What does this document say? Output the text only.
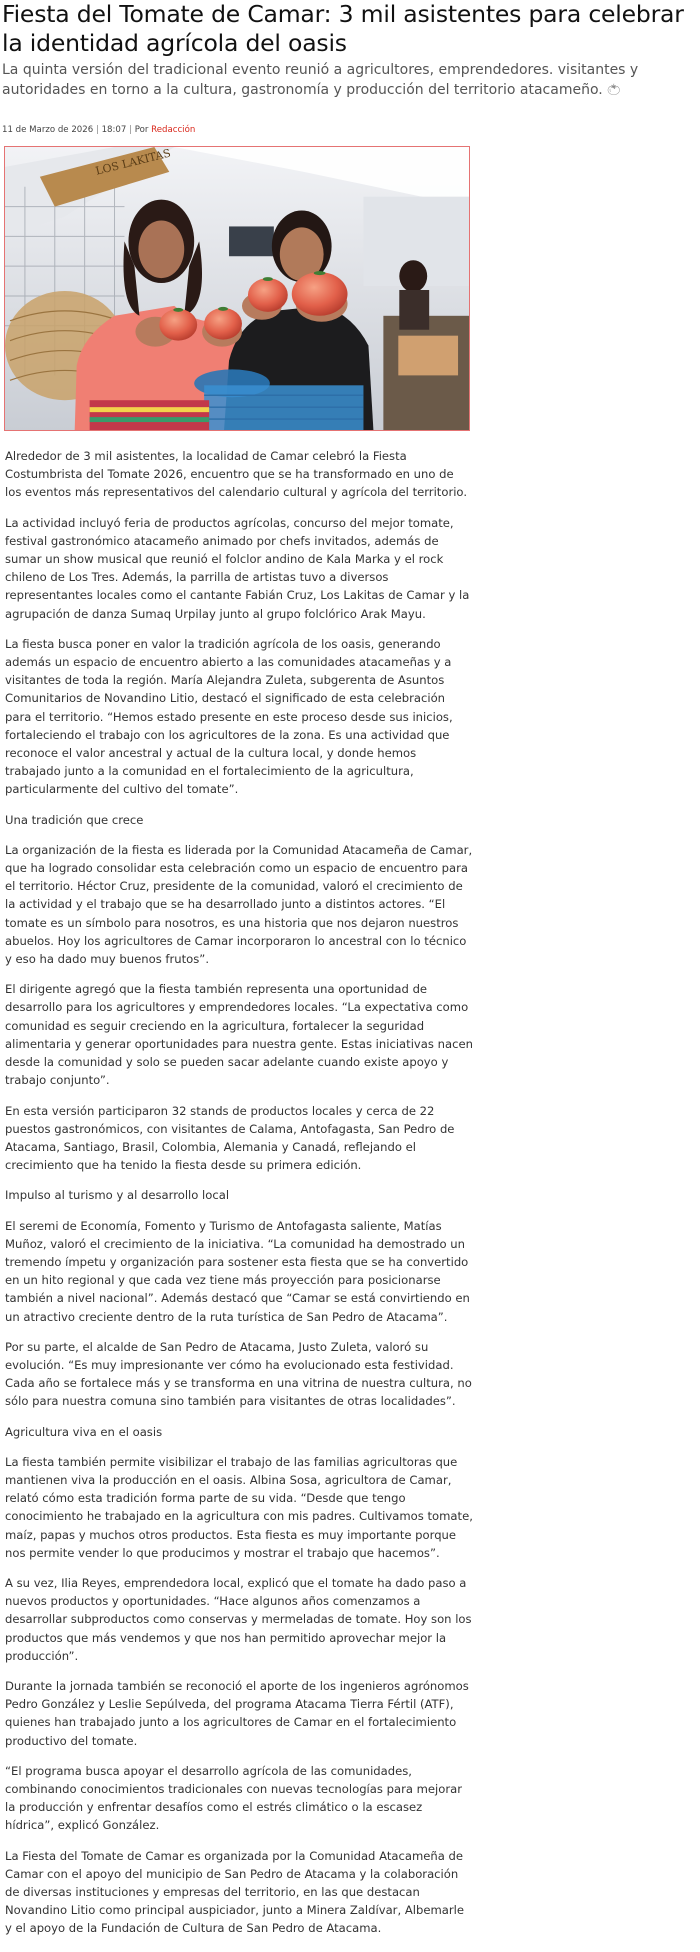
Fiesta del Tomate de Camar: 3 mil asistentes para celebrar la identidad agrícola del oasis

La quinta versión del tradicional evento reunió a agricultores, emprendedores. visitantes y autoridades en torno a la cultura, gastronomía y producción del territorio atacameño. 🍅︎

11 de Marzo de 2026 | 18:07 | Por Redacción
LOS LAKITAS

Alrededor de 3 mil asistentes, la localidad de Camar celebró la Fiesta Costumbrista del Tomate 2026, encuentro que se ha transformado en uno de los eventos más representativos del calendario cultural y agrícola del territorio.

La actividad incluyó feria de productos agrícolas, concurso del mejor tomate, festival gastronómico atacameño animado por chefs invitados, además de sumar un show musical que reunió el folclor andino de Kala Marka y el rock chileno de Los Tres. Además, la parrilla de artistas tuvo a diversos representantes locales como el cantante Fabián Cruz, Los Lakitas de Camar y la agrupación de danza Sumaq Urpilay junto al grupo folclórico Arak Mayu.

La fiesta busca poner en valor la tradición agrícola de los oasis, generando además un espacio de encuentro abierto a las comunidades atacameñas y a visitantes de toda la región. María Alejandra Zuleta, subgerenta de Asuntos Comunitarios de Novandino Litio, destacó el significado de esta celebración para el territorio. “Hemos estado presente en este proceso desde sus inicios, fortaleciendo el trabajo con los agricultores de la zona. Es una actividad que reconoce el valor ancestral y actual de la cultura local, y donde hemos trabajado junto a la comunidad en el fortalecimiento de la agricultura, particularmente del cultivo del tomate”.

Una tradición que crece

La organización de la fiesta es liderada por la Comunidad Atacameña de Camar, que ha logrado consolidar esta celebración como un espacio de encuentro para el territorio. Héctor Cruz, presidente de la comunidad, valoró el crecimiento de la actividad y el trabajo que se ha desarrollado junto a distintos actores. “El tomate es un símbolo para nosotros, es una historia que nos dejaron nuestros abuelos. Hoy los agricultores de Camar incorporaron lo ancestral con lo técnico y eso ha dado muy buenos frutos”.

El dirigente agregó que la fiesta también representa una oportunidad de desarrollo para los agricultores y emprendedores locales. “La expectativa como comunidad es seguir creciendo en la agricultura, fortalecer la seguridad alimentaria y generar oportunidades para nuestra gente. Estas iniciativas nacen desde la comunidad y solo se pueden sacar adelante cuando existe apoyo y trabajo conjunto”.

En esta versión participaron 32 stands de productos locales y cerca de 22 puestos gastronómicos, con visitantes de Calama, Antofagasta, San Pedro de Atacama, Santiago, Brasil, Colombia, Alemania y Canadá, reflejando el crecimiento que ha tenido la fiesta desde su primera edición.

Impulso al turismo y al desarrollo local

El seremi de Economía, Fomento y Turismo de Antofagasta saliente, Matías Muñoz, valoró el crecimiento de la iniciativa. “La comunidad ha demostrado un tremendo ímpetu y organización para sostener esta fiesta que se ha convertido en un hito regional y que cada vez tiene más proyección para posicionarse también a nivel nacional”. Además destacó que “Camar se está convirtiendo en un atractivo creciente dentro de la ruta turística de San Pedro de Atacama”.

Por su parte, el alcalde de San Pedro de Atacama, Justo Zuleta, valoró su evolución. “Es muy impresionante ver cómo ha evolucionado esta festividad. Cada año se fortalece más y se transforma en una vitrina de nuestra cultura, no sólo para nuestra comuna sino también para visitantes de otras localidades”.

Agricultura viva en el oasis

La fiesta también permite visibilizar el trabajo de las familias agricultoras que mantienen viva la producción en el oasis. Albina Sosa, agricultora de Camar, relató cómo esta tradición forma parte de su vida. “Desde que tengo conocimiento he trabajado en la agricultura con mis padres. Cultivamos tomate, maíz, papas y muchos otros productos. Esta fiesta es muy importante porque nos permite vender lo que producimos y mostrar el trabajo que hacemos”.

A su vez, Ilia Reyes, emprendedora local, explicó que el tomate ha dado paso a nuevos productos y oportunidades. “Hace algunos años comenzamos a desarrollar subproductos como conservas y mermeladas de tomate. Hoy son los productos que más vendemos y que nos han permitido aprovechar mejor la producción”.

Durante la jornada también se reconoció el aporte de los ingenieros agrónomos Pedro González y Leslie Sepúlveda, del programa Atacama Tierra Fértil (ATF), quienes han trabajado junto a los agricultores de Camar en el fortalecimiento productivo del tomate.

“El programa busca apoyar el desarrollo agrícola de las comunidades, combinando conocimientos tradicionales con nuevas tecnologías para mejorar la producción y enfrentar desafíos como el estrés climático o la escasez hídrica”, explicó González.

La Fiesta del Tomate de Camar es organizada por la Comunidad Atacameña de Camar con el apoyo del municipio de San Pedro de Atacama y la colaboración de diversas instituciones y empresas del territorio, en las que destacan Novandino Litio como principal auspiciador, junto a Minera Zaldívar, Albemarle y el apoyo de la Fundación de Cultura de San Pedro de Atacama.
